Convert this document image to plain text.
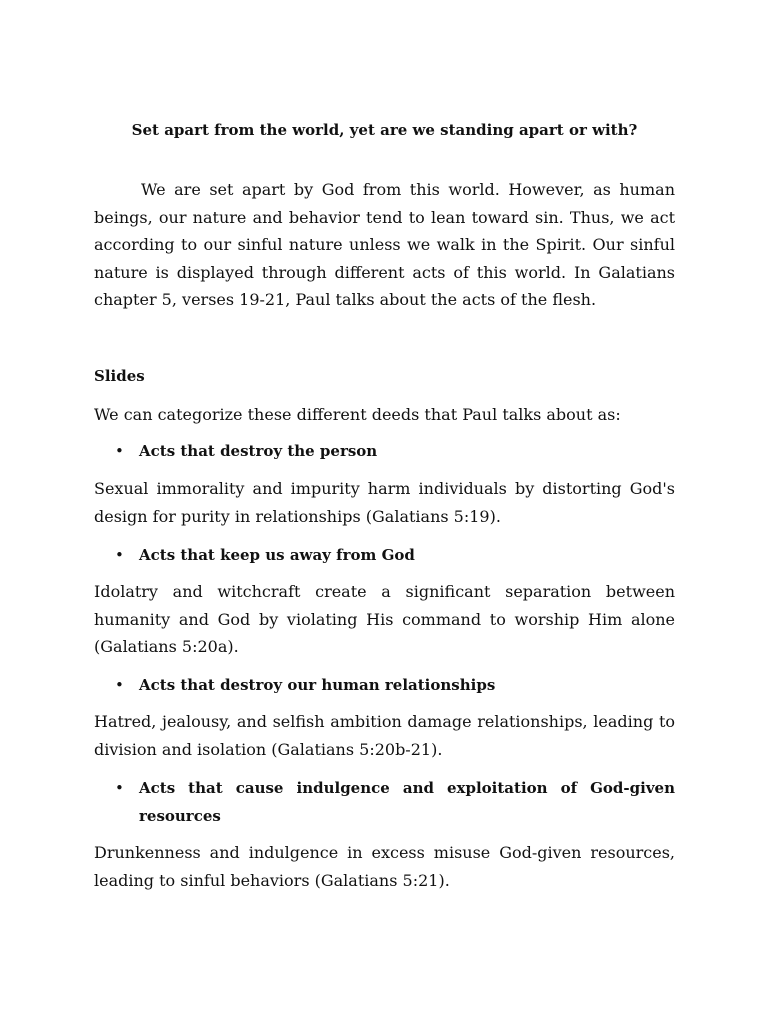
Set apart from the world, yet are we standing apart or with?

We are set apart by God from this world. However, as human beings, our nature and behavior tend to lean toward sin. Thus, we act according to our sinful nature unless we walk in the Spirit. Our sinful nature is displayed through different acts of this world. In Galatians chapter 5, verses 19-21, Paul talks about the acts of the flesh.

Slides

We can categorize these different deeds that Paul talks about as:

• Acts that destroy the person

Sexual immorality and impurity harm individuals by distorting God's design for purity in relationships (Galatians 5:19).

• Acts that keep us away from God

Idolatry and witchcraft create a significant separation between humanity and God by violating His command to worship Him alone (Galatians 5:20a).

• Acts that destroy our human relationships

Hatred, jealousy, and selfish ambition damage relationships, leading to division and isolation (Galatians 5:20b-21).

• Acts that cause indulgence and exploitation of God-given resources

Drunkenness and indulgence in excess misuse God-given resources, leading to sinful behaviors (Galatians 5:21).
